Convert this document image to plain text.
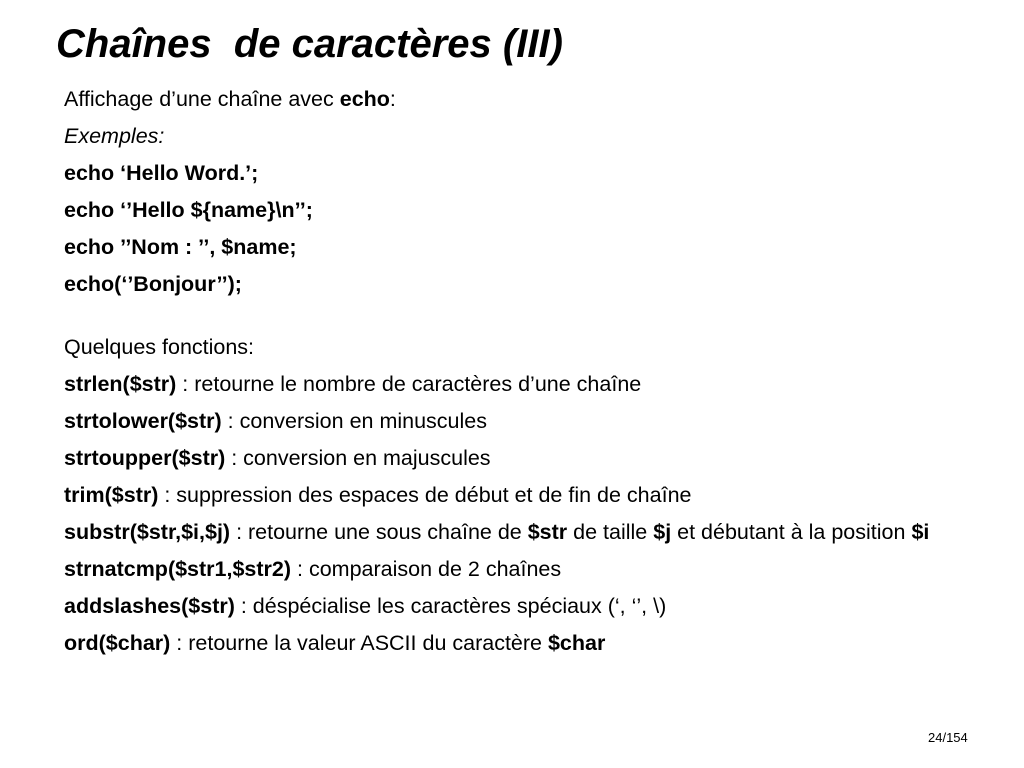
Chaînes  de caractères (III)

Affichage d’une chaîne avec echo:

Exemples:

echo ‘Hello Word.’;

echo ‘’Hello ${name}\n’’;

echo ’’Nom : ’’, $name;

echo(‘’Bonjour’’);

Quelques fonctions:

strlen($str) : retourne le nombre de caractères d’une chaîne

strtolower($str) : conversion en minuscules

strtoupper($str) : conversion en majuscules

trim($str) : suppression des espaces de début et de fin de chaîne

substr($str,$i,$j) : retourne une sous chaîne de $str de taille $j et débutant à la position $i

strnatcmp($str1,$str2) : comparaison de 2 chaînes

addslashes($str) : déspécialise les caractères spéciaux (‘, ‘’, \)

ord($char) : retourne la valeur ASCII du caractère $char

24/154
